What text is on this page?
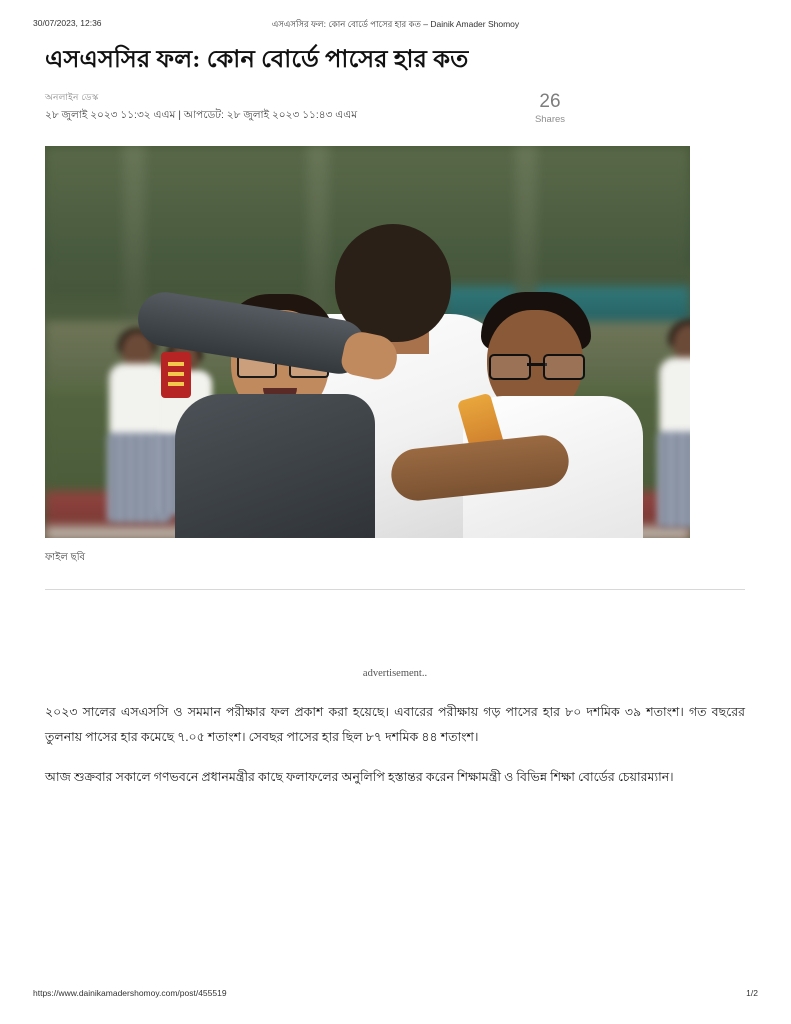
30/07/2023, 12:36	এসএসসির ফল: কোন বোর্ডে পাসের হার কত – Dainik Amader Shomoy
এসএসসির ফল: কোন বোর্ডে পাসের হার কত
অনলাইন ডেস্ক
২৮ জুলাই ২০২৩ ১১:৩২ এএম | আপডেট: ২৮ জুলাই ২০২৩ ১১:৪৩ এএম
26
Shares
ফাইল ছবি
advertisement..

২০২৩ সালের এসএসসি ও সমমান পরীক্ষার ফল প্রকাশ করা হয়েছে। এবারের পরীক্ষায় গড় পাসের হার ৮০ দশমিক ৩৯ শতাংশ। গত বছরের তুলনায় পাসের হার কমেছে ৭.০৫ শতাংশ। সেবছর পাসের হার ছিল ৮৭ দশমিক ৪৪ শতাংশ।

আজ শুক্রবার সকালে গণভবনে প্রধানমন্ত্রীর কাছে ফলাফলের অনুলিপি হস্তান্তর করেন শিক্ষামন্ত্রী ও বিভিন্ন শিক্ষা বোর্ডের চেয়ারম্যান।

https://www.dainikamadershomoy.com/post/455519	1/2
